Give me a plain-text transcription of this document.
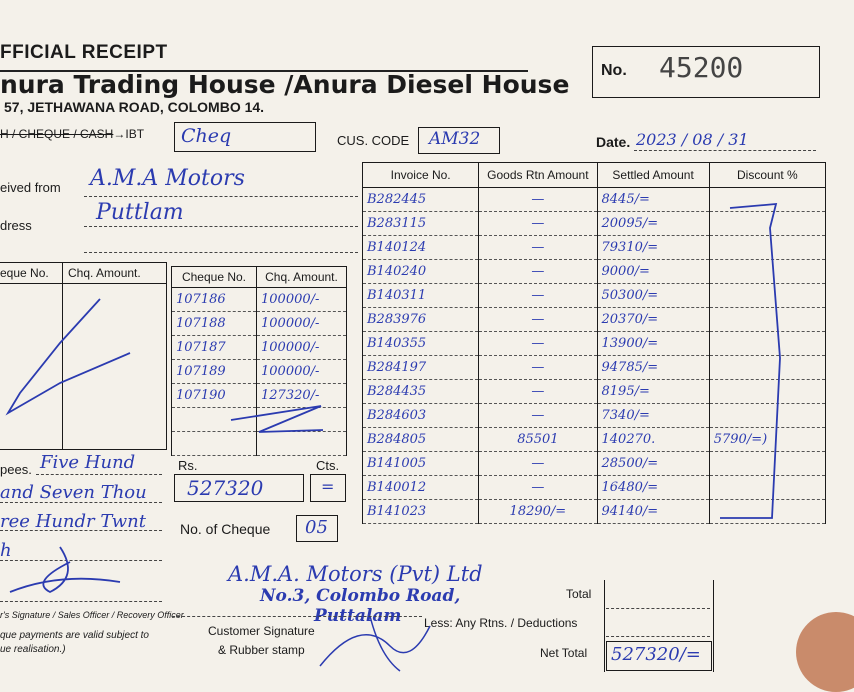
FFICIAL RECEIPT
nura Trading House /Anura Diesel House
57, JETHAWANA ROAD, COLOMBO 14.
No. 45200
H / CHEQUE / CASH→IBT Cheq	CUS. CODE AM32	Date. 2023 / 08 / 31
eived from A.M.A Motors
dress
Puttlam
eque No. Chq. Amount.	Cheque No.	Chq. Amount.
107186	100000/-
107188	100000/-
107187	100000/-
107189	100000/-
107190	127320/-

pees. Five Hund
and Seven Thou
ree Hundr Twnt
h
Rs.	Cts.
527320	=
No. of Cheque 05
Invoice No.	Goods Rtn Amount	Settled Amount	Discount %
B282445	—	8445/=	
B283115	—	20095/=	
B140124	—	79310/=	
B140240	—	9000/=	
B140311	—	50300/=	
B283976	—	20370/=	
B140355	—	13900/=	
B284197	—	94785/=	
B284435	—	8195/=	
B284603	—	7340/=	
B284805	85501	140270.	5790/=)
B141005	—	28500/=	
B140012	—	16480/=	
B141023	18290/=	94140/=	
Total
Less: Any Rtns. / Deductions
Net Total 527320/=
A.M.A. Motors (Pvt) Ltd
No.3, Colombo Road,
Puttalam
r's Signature / Sales Officer / Recovery Officer
que payments are valid subject to
ue realisation.)
Customer Signature
& Rubber stamp
